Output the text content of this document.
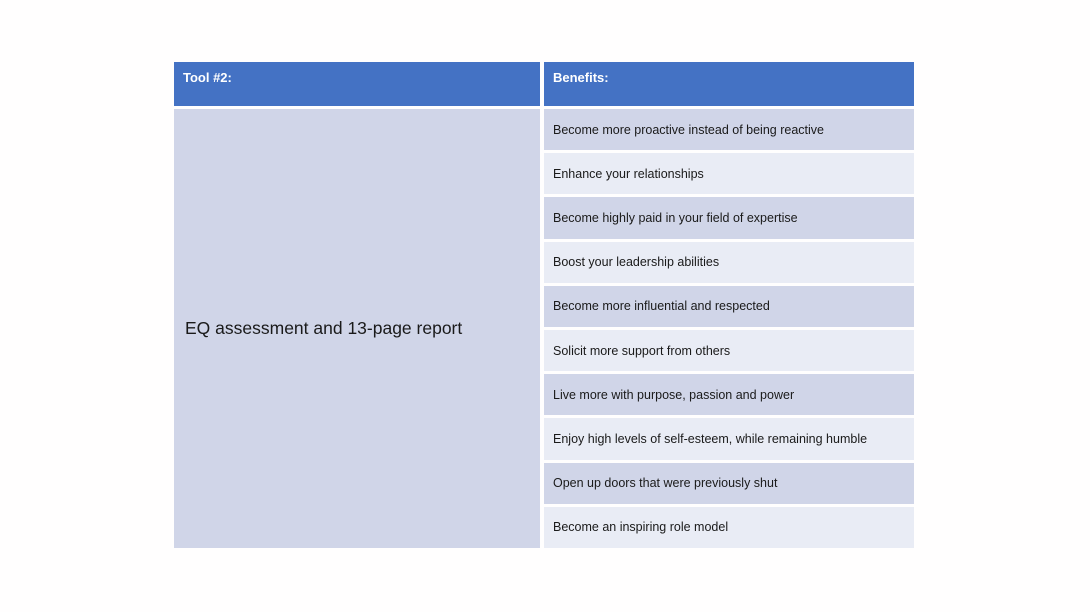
Tool #2:	Benefits:
EQ assessment and 13-page report
Become more proactive instead of being reactive
Enhance your relationships
Become highly paid in your field of expertise
Boost your leadership abilities
Become more influential and respected
Solicit more support from others
Live more with purpose, passion and power
Enjoy high levels of self-esteem, while remaining humble
Open up doors that were previously shut
Become an inspiring role model
